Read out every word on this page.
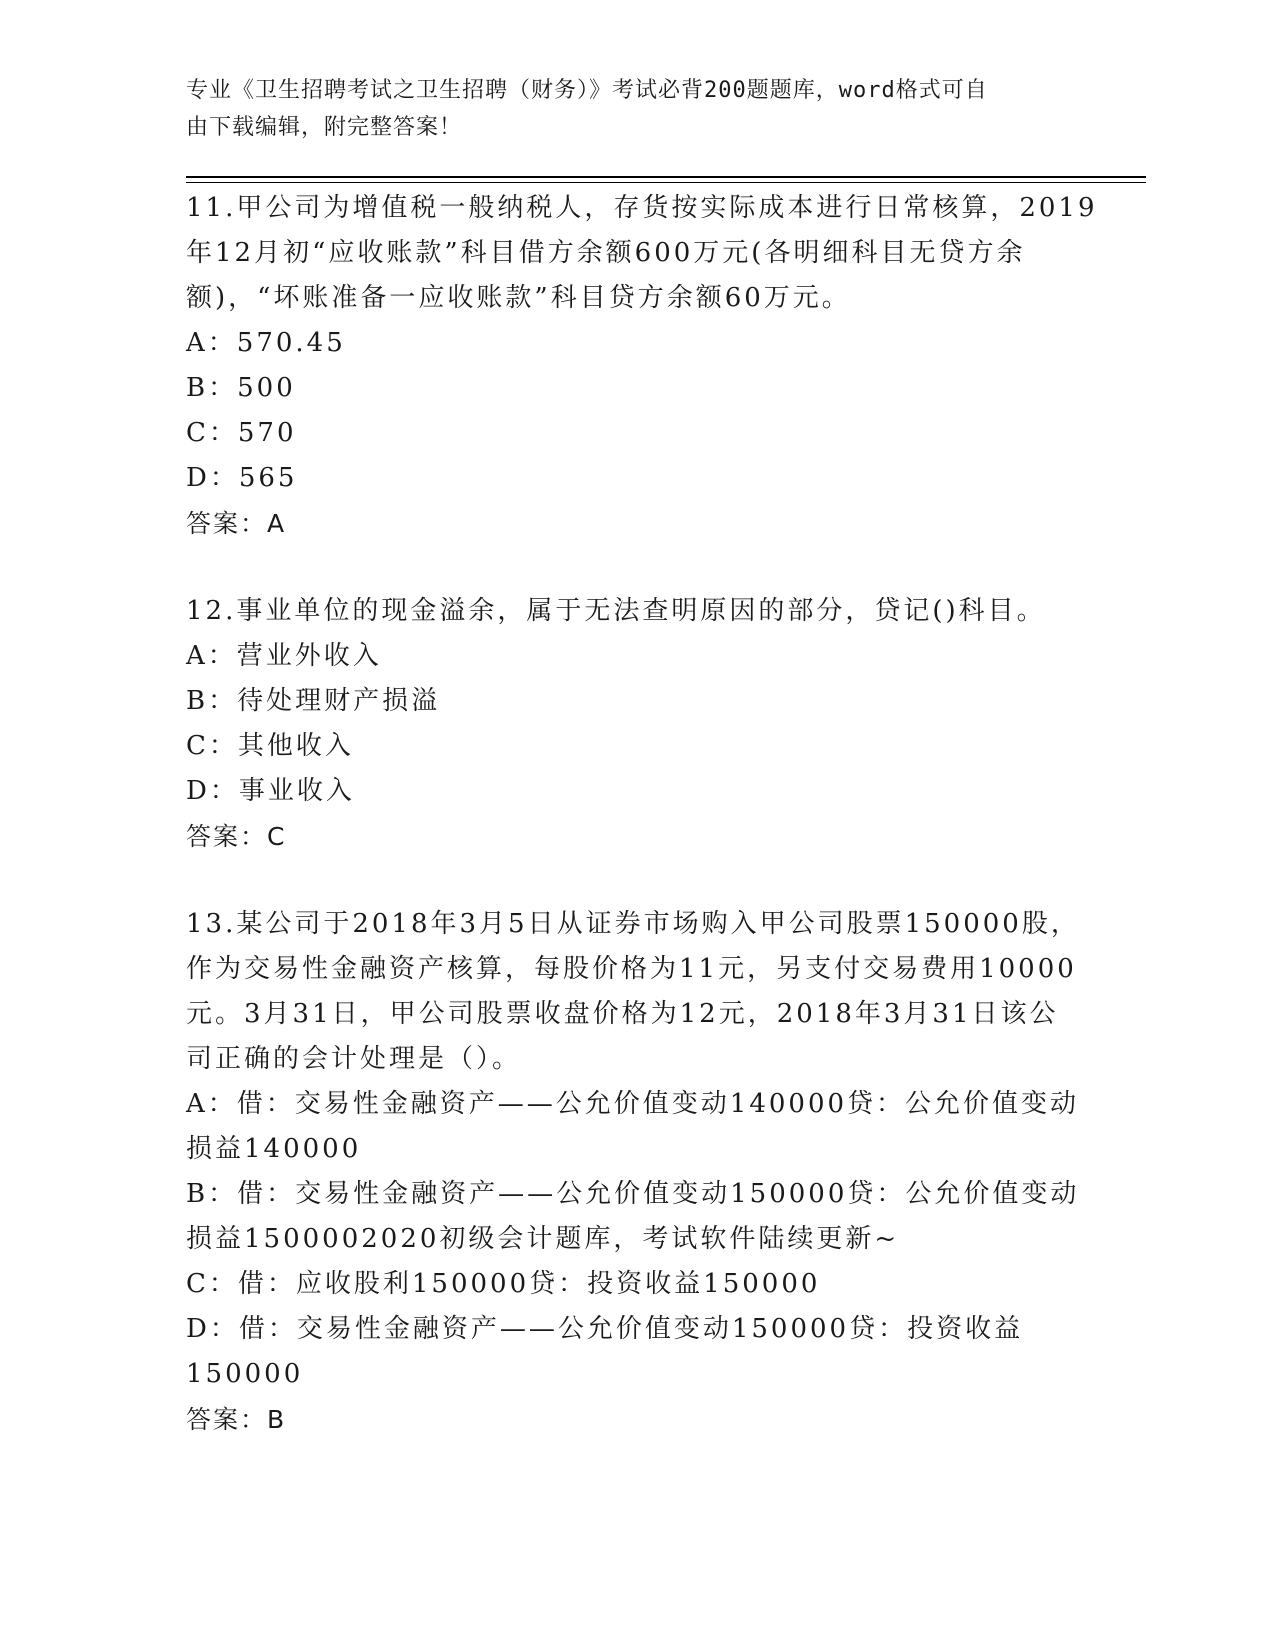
专业《卫生招聘考试之卫生招聘（财务）》考试必背200题题库，word格式可自
由下载编辑，附完整答案！
11.甲公司为增值税一般纳税人，存货按实际成本进行日常核算，2019
年12月初“应收账款”科目借方余额600万元(各明细科目无贷方余
额)，“坏账准备一应收账款”科目贷方余额60万元。
A：570.45
B：500
C：570
D：565
答案：A
12.事业单位的现金溢余，属于无法查明原因的部分，贷记()科目。
A：营业外收入
B：待处理财产损溢
C：其他收入
D：事业收入
答案：C
13.某公司于2018年3月5日从证券市场购入甲公司股票150000股，
作为交易性金融资产核算，每股价格为11元，另支付交易费用10000
元。3月31日，甲公司股票收盘价格为12元，2018年3月31日该公
司正确的会计处理是（）。
A：借：交易性金融资产——公允价值变动140000贷：公允价值变动
损益140000
B：借：交易性金融资产——公允价值变动150000贷：公允价值变动
损益1500002020初级会计题库，考试软件陆续更新~
C：借：应收股利150000贷：投资收益150000
D：借：交易性金融资产——公允价值变动150000贷：投资收益
150000
答案：B
